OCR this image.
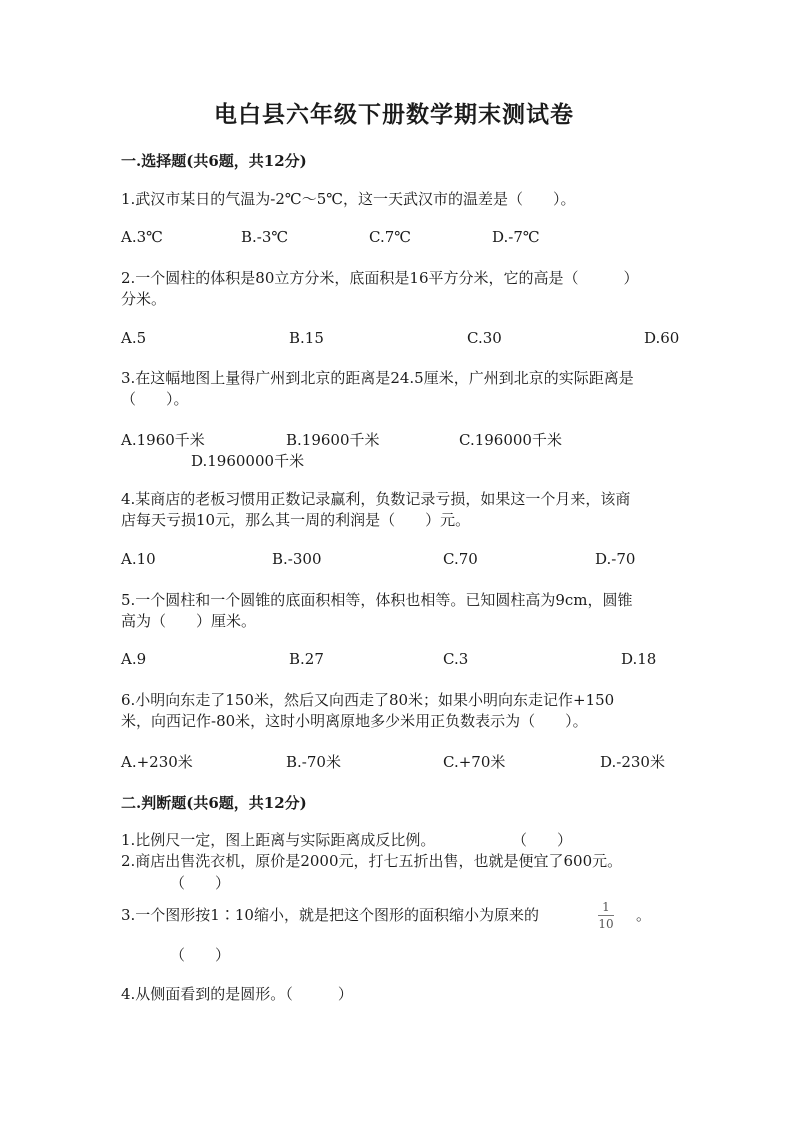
电白县六年级下册数学期末测试卷
一.选择题(共6题，共12分)
1.武汉市某日的气温为-2℃～5℃，这一天武汉市的温差是（　　）。
A.3℃	B.-3℃	C.7℃	D.-7℃
2.一个圆柱的体积是80立方分米，底面积是16平方分米，它的高是（　　　）
分米。
A.5	B.15	C.30	D.60
3.在这幅地图上量得广州到北京的距离是24.5厘米，广州到北京的实际距离是
（　　）。
A.1960千米	B.19600千米	C.196000千米
D.1960000千米
4.某商店的老板习惯用正数记录赢利，负数记录亏损，如果这一个月来，该商
店每天亏损10元，那么其一周的利润是（　　）元。
A.10	B.-300	C.70	D.-70
5.一个圆柱和一个圆锥的底面积相等，体积也相等。已知圆柱高为9cm，圆锥
高为（　　）厘米。
A.9	B.27	C.3	D.18
6.小明向东走了150米，然后又向西走了80米；如果小明向东走记作+150
米，向西记作-80米，这时小明离原地多少米用正负数表示为（　　）。
A.+230米	B.-70米	C.+70米	D.-230米
二.判断题(共6题，共12分)
1.比例尺一定，图上距离与实际距离成反比例。	（　　）
2.商店出售洗衣机，原价是2000元，打七五折出售，也就是便宜了600元。
（　　）
3.一个图形按1∶10缩小，就是把这个图形的面积缩小为原来的	1
10 。
（　　）
4.从侧面看到的是圆形。（　　　）
